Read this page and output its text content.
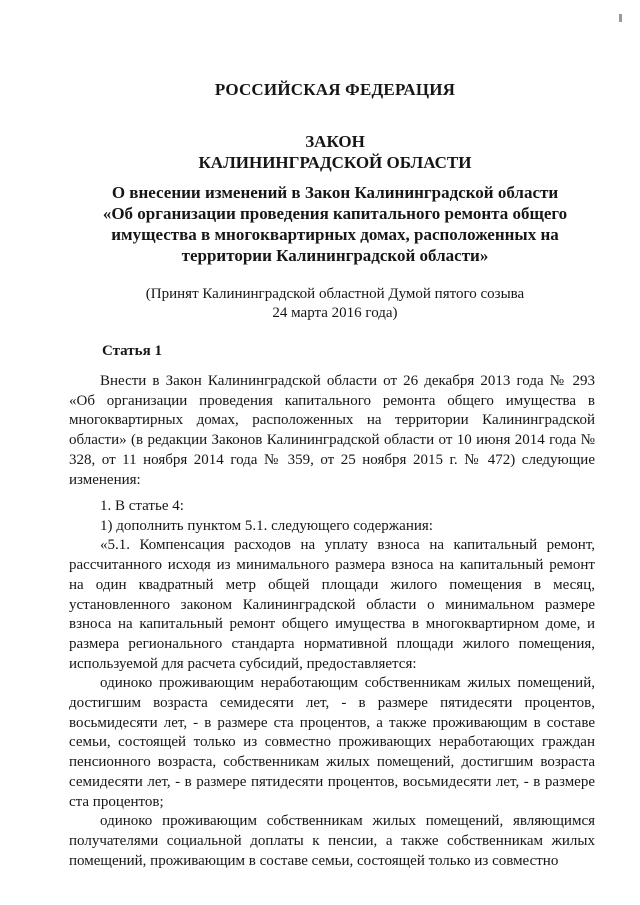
РОССИЙСКАЯ ФЕДЕРАЦИЯ
ЗАКОН
КАЛИНИНГРАДСКОЙ ОБЛАСТИ
О внесении изменений в Закон Калининградской области
«Об организации проведения капитального ремонта общего
имущества в многоквартирных домах, расположенных на
территории Калининградской области»
(Принят Калининградской областной Думой пятого созыва
24 марта 2016 года)
Статья 1

Внести в Закон Калининградской области от 26 декабря 2013 года № 293 «Об организации проведения капитального ремонта общего имущества в многоквартирных домах, расположенных на территории Калининградской области» (в редакции Законов Калининградской области от 10 июня 2014 года № 328, от 11 ноября 2014 года № 359, от 25 ноября 2015 г. № 472) следующие изменения:

1. В статье 4:

1) дополнить пунктом 5.1. следующего содержания:

«5.1. Компенсация расходов на уплату взноса на капитальный ремонт, рассчитанного исходя из минимального размера взноса на капитальный ремонт на один квадратный метр общей площади жилого помещения в месяц, установленного законом Калининградской области о минимальном размере взноса на капитальный ремонт общего имущества в многоквартирном доме, и размера регионального стандарта нормативной площади жилого помещения, используемой для расчета субсидий, предоставляется:

одиноко проживающим неработающим собственникам жилых помещений, достигшим возраста семидесяти лет, - в размере пятидесяти процентов, восьмидесяти лет, - в размере ста процентов, а также проживающим в составе семьи, состоящей только из совместно проживающих неработающих граждан пенсионного возраста, собственникам жилых помещений, достигшим возраста семидесяти лет, - в размере пятидесяти процентов, восьмидесяти лет, - в размере ста процентов;

одиноко проживающим собственникам жилых помещений, являющимся получателями социальной доплаты к пенсии, а также собственникам жилых помещений, проживающим в составе семьи, состоящей только из совместно
